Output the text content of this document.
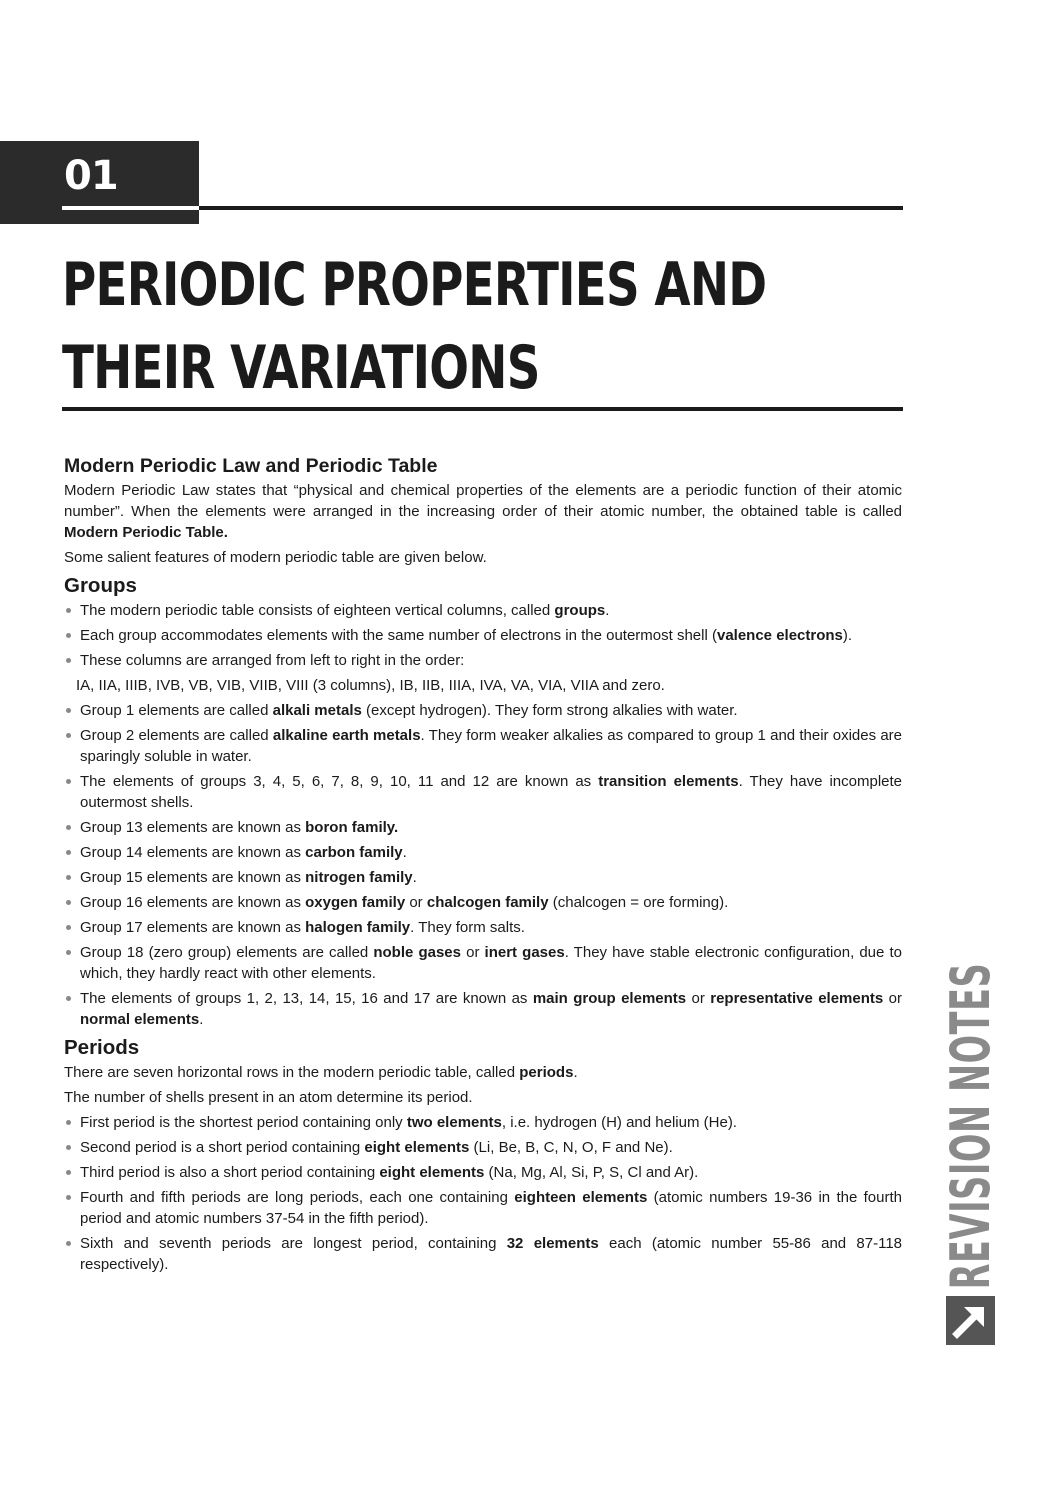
01
PERIODIC PROPERTIES AND
THEIR VARIATIONS
Modern Periodic Law and Periodic Table

Modern Periodic Law states that “physical and chemical properties of the elements are a periodic function of their atomic number”. When the elements were arranged in the increasing order of their atomic number, the obtained table is called Modern Periodic Table.

Some salient features of modern periodic table are given below.

Groups
The modern periodic table consists of eighteen vertical columns, called groups.
Each group accommodates elements with the same number of electrons in the outermost shell (valence electrons).
These columns are arranged from left to right in the order:
IA, IIA, IIIB, IVB, VB, VIB, VIIB, VIII (3 columns), IB, IIB, IIIA, IVA, VA, VIA, VIIA and zero.
Group 1 elements are called alkali metals (except hydrogen). They form strong alkalies with water.
Group 2 elements are called alkaline earth metals. They form weaker alkalies as compared to group 1 and their oxides are sparingly soluble in water.
The elements of groups 3, 4, 5, 6, 7, 8, 9, 10, 11 and 12 are known as transition elements. They have incomplete outermost shells.
Group 13 elements are known as boron family.
Group 14 elements are known as carbon family.
Group 15 elements are known as nitrogen family.
Group 16 elements are known as oxygen family or chalcogen family (chalcogen = ore forming).
Group 17 elements are known as halogen family. They form salts.
Group 18 (zero group) elements are called noble gases or inert gases. They have stable electronic configuration, due to which, they hardly react with other elements.
The elements of groups 1, 2, 13, 14, 15, 16 and 17 are known as main group elements or representative elements or normal elements.
Periods

There are seven horizontal rows in the modern periodic table, called periods.

The number of shells present in an atom determine its period.

First period is the shortest period containing only two elements, i.e. hydrogen (H) and helium (He).
Second period is a short period containing eight elements (Li, Be, B, C, N, O, F and Ne).
Third period is also a short period containing eight elements (Na, Mg, Al, Si, P, S, Cl and Ar).
Fourth and fifth periods are long periods, each one containing eighteen elements (atomic numbers 19-36 in the fourth period and atomic numbers 37-54 in the fifth period).
Sixth and seventh periods are longest period, containing 32 elements each (atomic number 55-86 and 87-118 respectively).	REVISION NOTES
